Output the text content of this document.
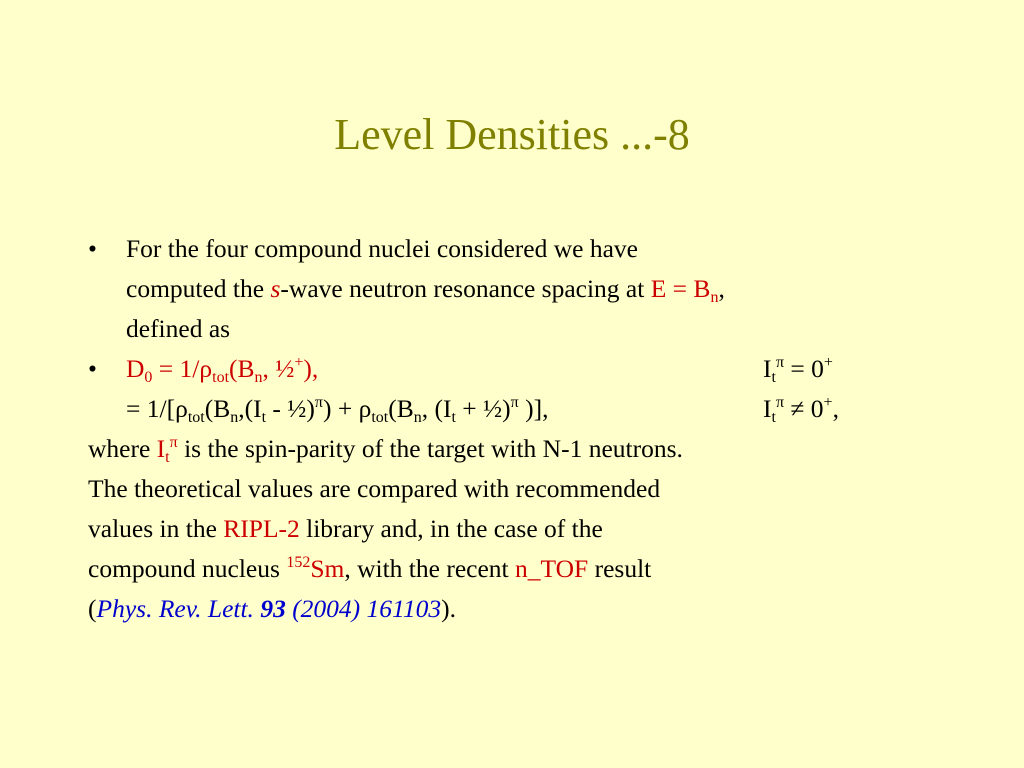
Level Densities ...-8
• For the four compound nuclei considered we have
computed the s-wave neutron resonance spacing at $E = B_n$,
defined as
• $D_0 = 1/\rho_{tot}(B_n$, ½+),	$I_t^\pi = 0^+$
= $1/[\rho_{tot}(B_n,(I_t$ - ½)$^\pi$) + $\rho_{tot}(B_n$, ($I_t$ + ½)$^\pi$ )],	$I_t^\pi \ne 0^+$,
where $I_t^\pi$ is the spin-parity of the target with N-1 neutrons.
The theoretical values are compared with recommended
values in the RIPL-2 library and, in the case of the
compound nucleus $^{152}$Sm, with the recent n_TOF result
(Phys. Rev. Lett. 93 (2004) 161103).
